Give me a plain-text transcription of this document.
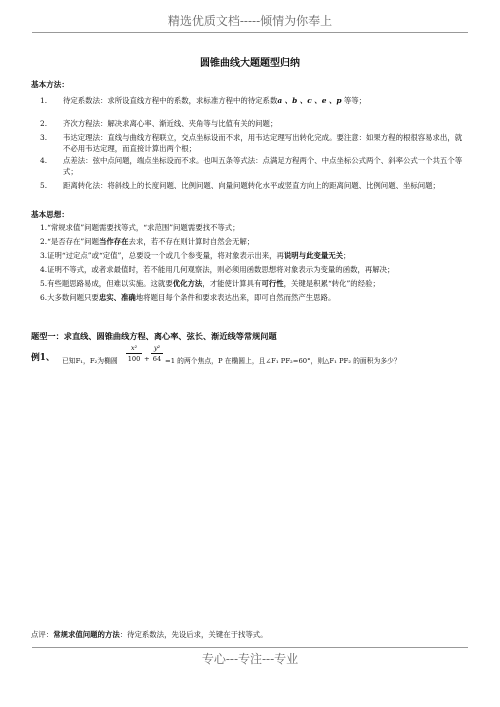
精选优质文档-----倾情为你奉上
圆锥曲线大题题型归纳
基本方法：
1. 待定系数法：求所设直线方程中的系数，求标准方程中的待定系数a 、b 、c 、e 、p 等等；
2. 齐次方程法：解决求离心率、渐近线、夹角等与比值有关的问题；
3. 韦达定理法：直线与曲线方程联立，交点坐标设而不求，用韦达定理写出转化完成。要注意：如果方程的根很容易求出，就不必用韦达定理，而直接计算出两个根；
4. 点差法：弦中点问题，端点坐标设而不求。也叫五条等式法：点满足方程两个、中点坐标公式两个、斜率公式一个共五个等式；
5. 距离转化法：将斜线上的长度问题、比例问题、向量问题转化水平或竖直方向上的距离问题、比例问题、坐标问题；
基本思想：
1.“常规求值”问题需要找等式，“求范围”问题需要找不等式；
2.“是否存在”问题当作存在去求，若不存在则计算时自然会无解；
3.证明“过定点”或“定值”，总要设一个或几个参变量，将对象表示出来，再说明与此变量无关；
4.证明不等式，或者求最值时，若不能用几何观察法，则必须用函数思想将对象表示为变量的函数，再解决；
5.有些题思路易成，但难以实施。这就要优化方法，才能使计算具有可行性，关键是积累“转化”的经验；
6.大多数问题只要忠实、准确地将题目每个条件和要求表达出来，即可自然而然产生思路。
题型一：求直线、圆锥曲线方程、离心率、弦长、渐近线等常规问题
例1、 已知F₁，F₂为椭圆
x²
100 +
y²
64 =1 的两个焦点，P 在椭圆上，且∠F₁ PF₂=60°，则△F₁ PF₂ 的面积为多少？
点评：常规求值问题的方法：待定系数法，先设后求，关键在于找等式。
专心---专注---专业
